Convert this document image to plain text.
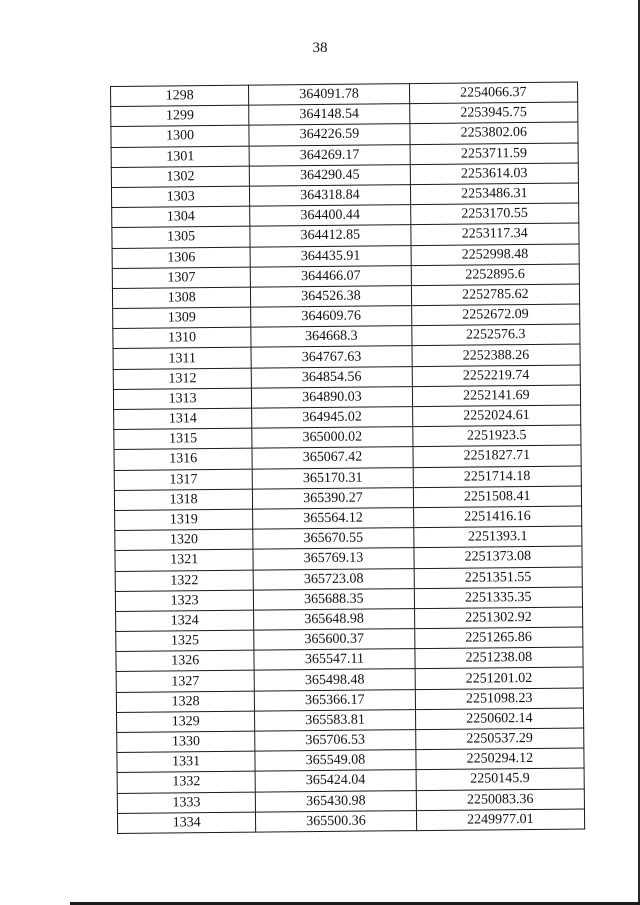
38
1298	364091.78	2254066.37
1299	364148.54	2253945.75
1300	364226.59	2253802.06
1301	364269.17	2253711.59
1302	364290.45	2253614.03
1303	364318.84	2253486.31
1304	364400.44	2253170.55
1305	364412.85	2253117.34
1306	364435.91	2252998.48
1307	364466.07	2252895.6
1308	364526.38	2252785.62
1309	364609.76	2252672.09
1310	364668.3	2252576.3
1311	364767.63	2252388.26
1312	364854.56	2252219.74
1313	364890.03	2252141.69
1314	364945.02	2252024.61
1315	365000.02	2251923.5
1316	365067.42	2251827.71
1317	365170.31	2251714.18
1318	365390.27	2251508.41
1319	365564.12	2251416.16
1320	365670.55	2251393.1
1321	365769.13	2251373.08
1322	365723.08	2251351.55
1323	365688.35	2251335.35
1324	365648.98	2251302.92
1325	365600.37	2251265.86
1326	365547.11	2251238.08
1327	365498.48	2251201.02
1328	365366.17	2251098.23
1329	365583.81	2250602.14
1330	365706.53	2250537.29
1331	365549.08	2250294.12
1332	365424.04	2250145.9
1333	365430.98	2250083.36
1334	365500.36	2249977.01
